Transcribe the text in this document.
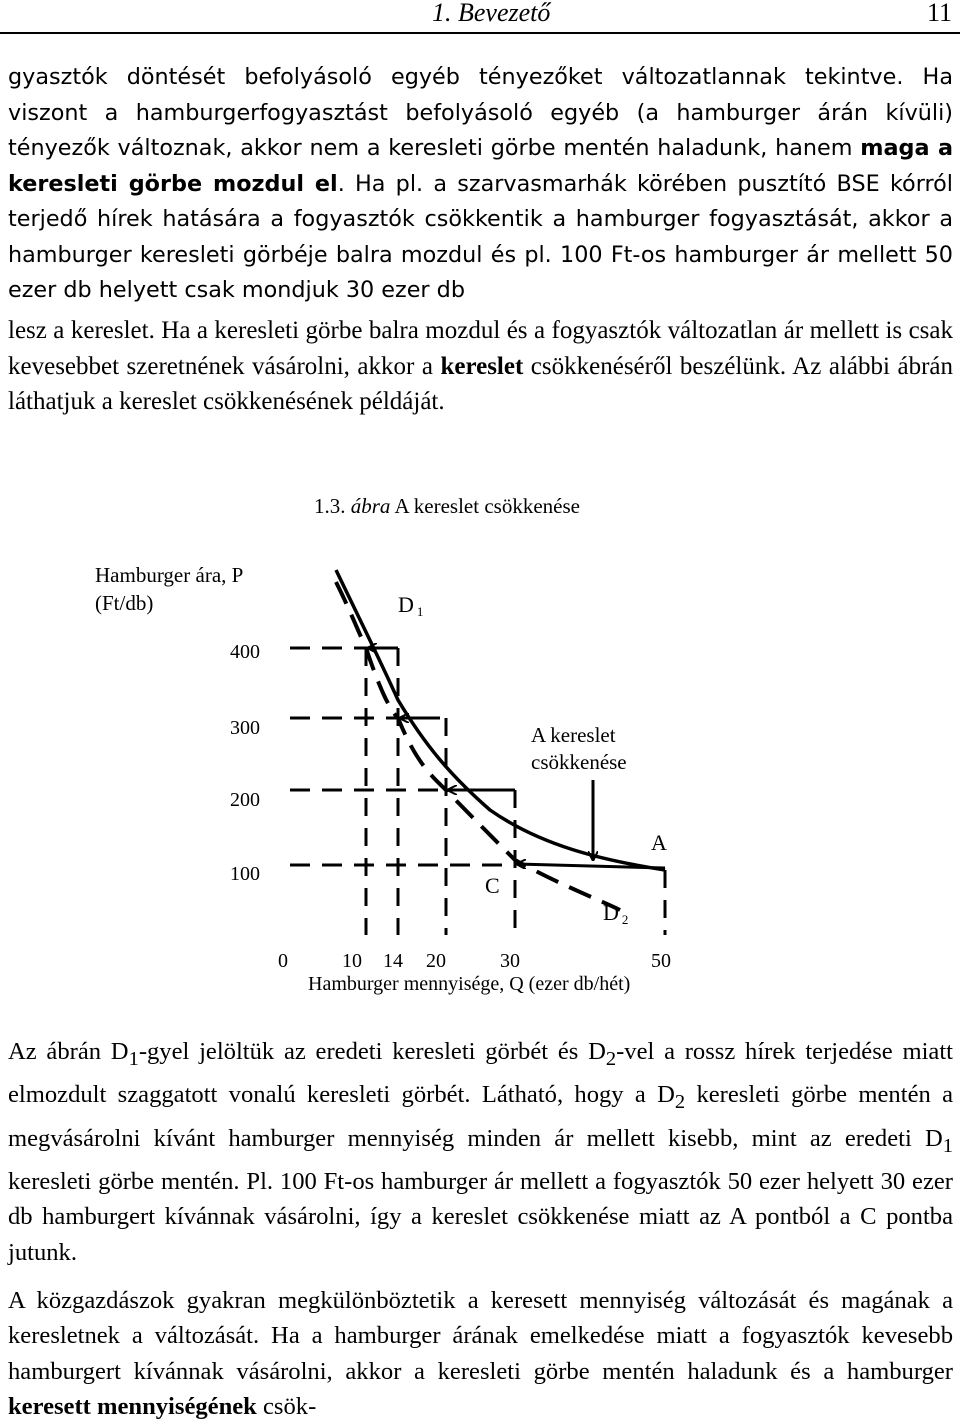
1. Bevezető	11

gyasztók döntését befolyásoló egyéb tényezőket változatlannak tekintve. Ha viszont a hamburgerfogyasztást befolyásoló egyéb (a hamburger árán kívüli) tényezők változnak, akkor nem a keresleti görbe mentén haladunk, hanem maga a keresleti görbe mozdul el. Ha pl. a szarvasmarhák körében pusztító BSE kórról terjedő hírek hatására a fogyasztók csökkentik a hamburger fogyasztását, akkor a hamburger keresleti görbéje balra mozdul és pl. 100 Ft-os hamburger ár mellett 50 ezer db helyett csak mondjuk 30 ezer db

lesz a kereslet. Ha a keresleti görbe balra mozdul és a fogyasztók változatlan ár mellett is csak kevesebbet szeretnének vásárolni, akkor a kereslet csökkenéséről beszélünk. Az alábbi ábrán láthatjuk a kereslet csökkenésének példáját.

1.3. ábra A kereslet csökkenése
Hamburger ára, P
(Ft/db)
400
300
200
100
A kereslet
csökkenése
D 1
D 2
A
C
0	10 14 20	30	50
Hamburger mennyisége, Q (ezer db/hét)

Az ábrán $D_1$-gyel jelöltük az eredeti keresleti görbét és $D_2$-vel a rossz hírek terjedése miatt elmozdult szaggatott vonalú keresleti görbét. Látható, hogy a $D_2$ keresleti görbe mentén a megvásárolni kívánt hamburger mennyiség minden ár mellett kisebb, mint az eredeti $D_1$ keresleti görbe mentén. Pl. 100 Ft-os hamburger ár mellett a fogyasztók 50 ezer helyett 30 ezer db hamburgert kívánnak vásárolni, így a kereslet csökkenése miatt az A pontból a C pontba jutunk.

A közgazdászok gyakran megkülönböztetik a keresett mennyiség változását és magának a keresletnek a változását. Ha a hamburger árának emelkedése miatt a fogyasztók kevesebb hamburgert kívánnak vásárolni, akkor a keresleti görbe mentén haladunk és a hamburger keresett mennyiségének csök-
